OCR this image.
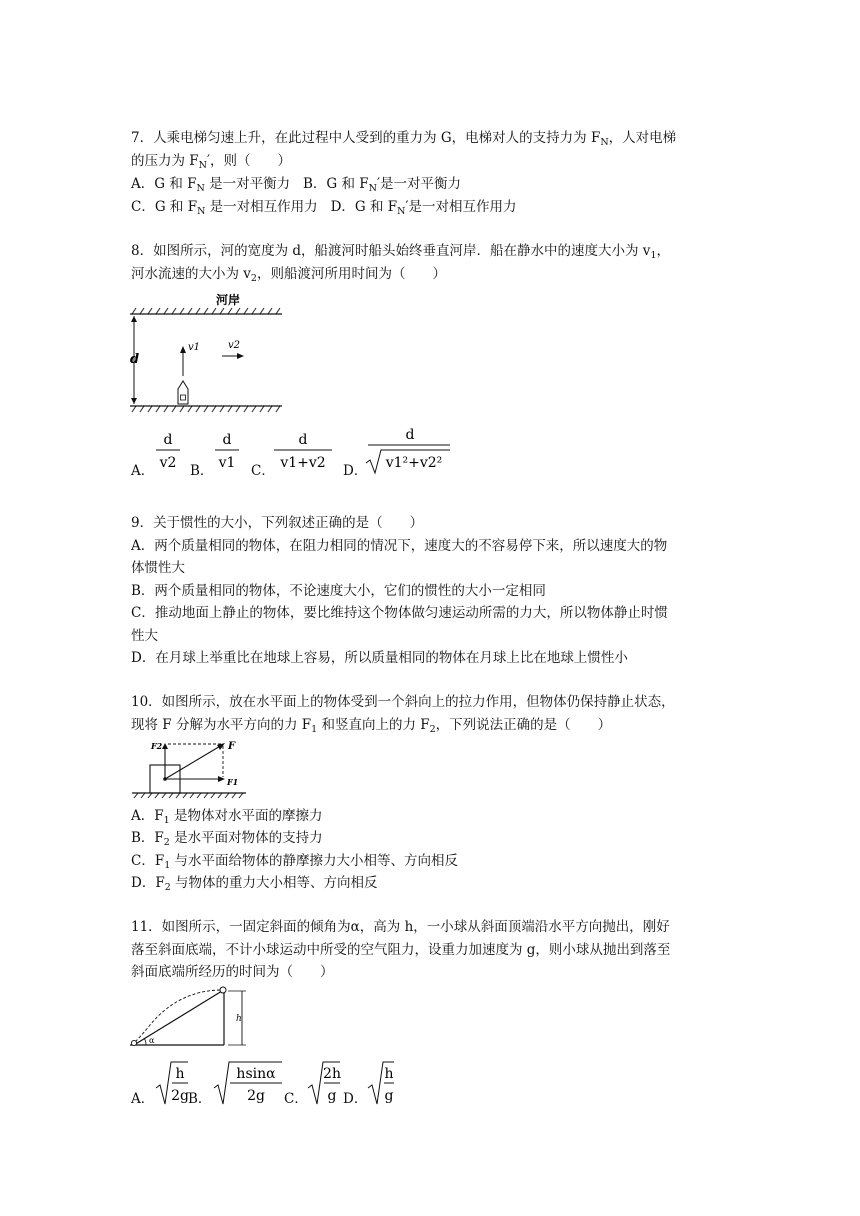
7．人乘电梯匀速上升，在此过程中人受到的重力为 G，电梯对人的支持力为 $F_N$，人对电梯
的压力为 $F_N'$，则（　　）
A．G 和 $F_N$ 是一对平衡力 B．G 和 $F_N'$是一对平衡力
C．G 和 $F_N$ 是一对相互作用力 D．G 和 $F_N'$是一对相互作用力
8．如图所示，河的宽度为 d，船渡河时船头始终垂直河岸．船在静水中的速度大小为 $v_1$，
河水流速的大小为 $v_2$，则船渡河所用时间为（　　）
河岸
d
v1	v2
A．
d
v2 B．
d
v1 C．
d
v1+v2 D．
d
v1²+v2²
9．关于惯性的大小，下列叙述正确的是（　　）
A．两个质量相同的物体，在阻力相同的情况下，速度大的不容易停下来，所以速度大的物
体惯性大
B．两个质量相同的物体，不论速度大小，它们的惯性的大小一定相同
C．推动地面上静止的物体，要比维持这个物体做匀速运动所需的力大，所以物体静止时惯
性大
D．在月球上举重比在地球上容易，所以质量相同的物体在月球上比在地球上惯性小
10．如图所示，放在水平面上的物体受到一个斜向上的拉力作用，但物体仍保持静止状态，
现将 F 分解为水平方向的力 $F_1$ 和竖直向上的力 $F_2$，下列说法正确的是（　　）
F
F2
F1
A．$F_1$ 是物体对水平面的摩擦力
B．$F_2$ 是水平面对物体的支持力
C．$F_1$ 与水平面给物体的静摩擦力大小相等、方向相反
D．$F_2$ 与物体的重力大小相等、方向相反
11．如图所示，一固定斜面的倾角为α，高为 h，一小球从斜面顶端沿水平方向抛出，刚好
落至斜面底端，不计小球运动中所受的空气阻力，设重力加速度为 g，则小球从抛出到落至
斜面底端所经历的时间为（　　）
α
h
A．
h
2g B．
hsinα
2g C．
2h
g D．
h
g
